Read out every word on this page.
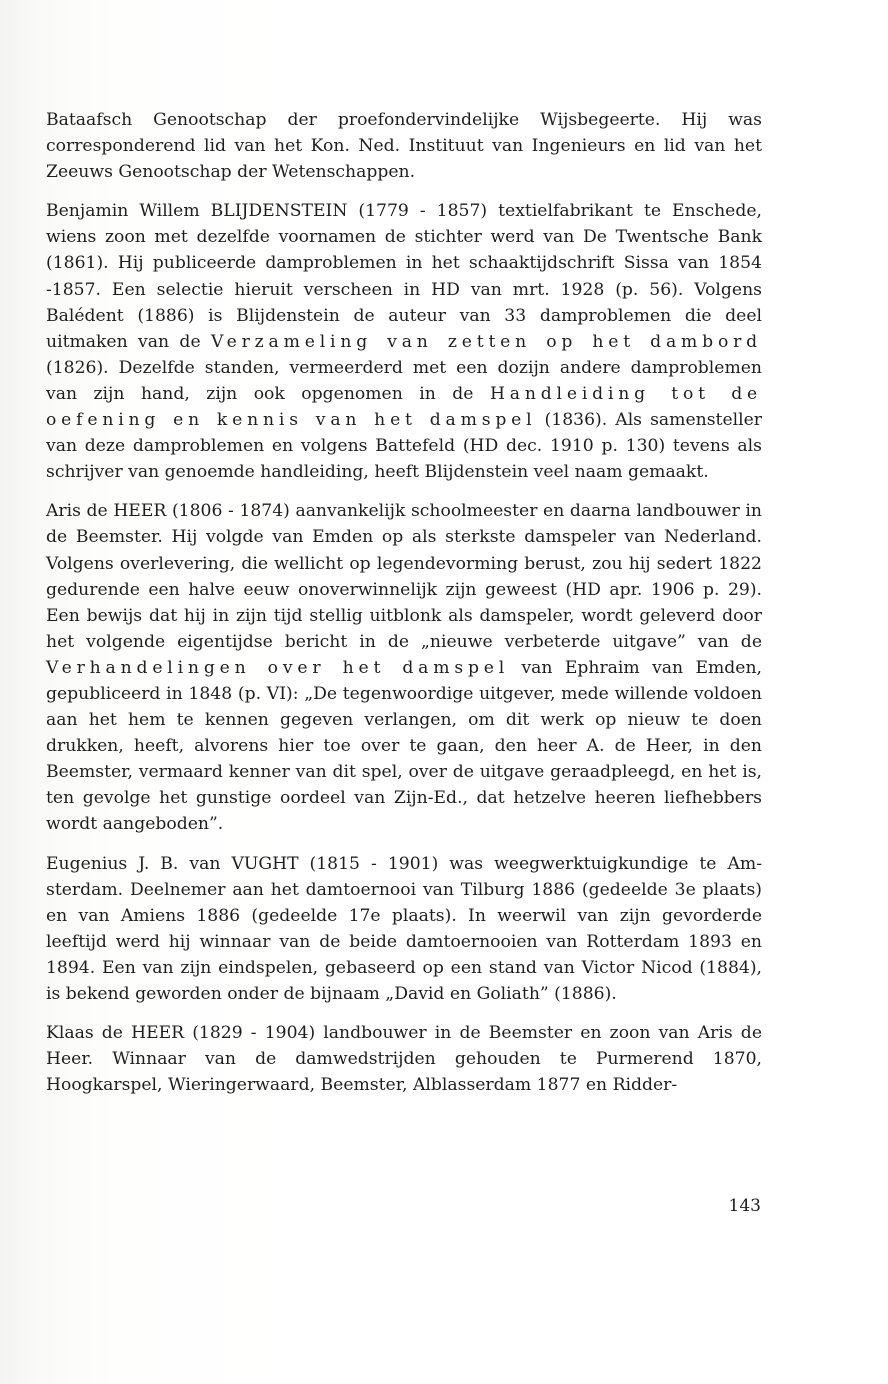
Bataafsch Genootschap der proefondervindelijke Wijsbegeerte. Hij was corresponderend lid van het Kon. Ned. Instituut van Ingenieurs en lid van het Zeeuws Genootschap der Wetenschappen.

Benjamin Willem BLIJDENSTEIN (1779 - 1857) textielfabrikant te Enschede, wiens zoon met dezelfde voornamen de stichter werd van De Twentsche Bank (1861). Hij publiceerde damproblemen in het schaaktijdschrift Sissa van 1854 -1857. Een selectie hieruit verscheen in HD van mrt. 1928 (p. 56). Volgens Balédent (1886) is Blijdenstein de auteur van 33 damproblemen die deel uitmaken van de Verzameling van zetten op het dambord (1826). Dezelfde standen, vermeerderd met een dozijn andere damproblemen van zijn hand, zijn ook opgenomen in de Handleiding tot de oefening en kennis van het damspel (1836). Als samensteller van deze damproblemen en volgens Battefeld (HD dec. 1910 p. 130) tevens als schrijver van genoemde handleiding, heeft Blijdenstein veel naam gemaakt.

Aris de HEER (1806 - 1874) aanvankelijk schoolmeester en daarna landbouwer in de Beemster. Hij volgde van Emden op als sterkste damspeler van Nederland. Volgens overlevering, die wellicht op legendevorming berust, zou hij sedert 1822 gedurende een halve eeuw onoverwinnelijk zijn geweest (HD apr. 1906 p. 29). Een bewijs dat hij in zijn tijd stellig uitblonk als damspeler, wordt geleverd door het volgende eigentijdse bericht in de „nieuwe verbeterde uitgave” van de Verhandelingen over het damspel van Ephraim van Emden, gepubliceerd in 1848 (p. VI): „De tegenwoordige uitgever, mede willende voldoen aan het hem te kennen gegeven verlangen, om dit werk op nieuw te doen drukken, heeft, alvorens hier toe over te gaan, den heer A. de Heer, in den Beemster, vermaard kenner van dit spel, over de uitgave geraadpleegd, en het is, ten gevolge het gunstige oordeel van Zijn-Ed., dat hetzelve heeren liefhebbers wordt aangeboden”.

Eugenius J. B. van VUGHT (1815 - 1901) was weegwerktuigkundige te Amsterdam. Deelnemer aan het damtoernooi van Tilburg 1886 (gedeelde 3e plaats) en van Amiens 1886 (gedeelde 17e plaats). In weerwil van zijn gevorderde leeftijd werd hij winnaar van de beide damtoernooien van Rotterdam 1893 en 1894. Een van zijn eindspelen, gebaseerd op een stand van Victor Nicod (1884), is bekend geworden onder de bijnaam „David en Goliath” (1886).

Klaas de HEER (1829 - 1904) landbouwer in de Beemster en zoon van Aris de Heer. Winnaar van de damwedstrijden gehouden te Purmerend 1870, Hoogkarspel, Wieringerwaard, Beemster, Alblasserdam 1877 en Ridder-

143
